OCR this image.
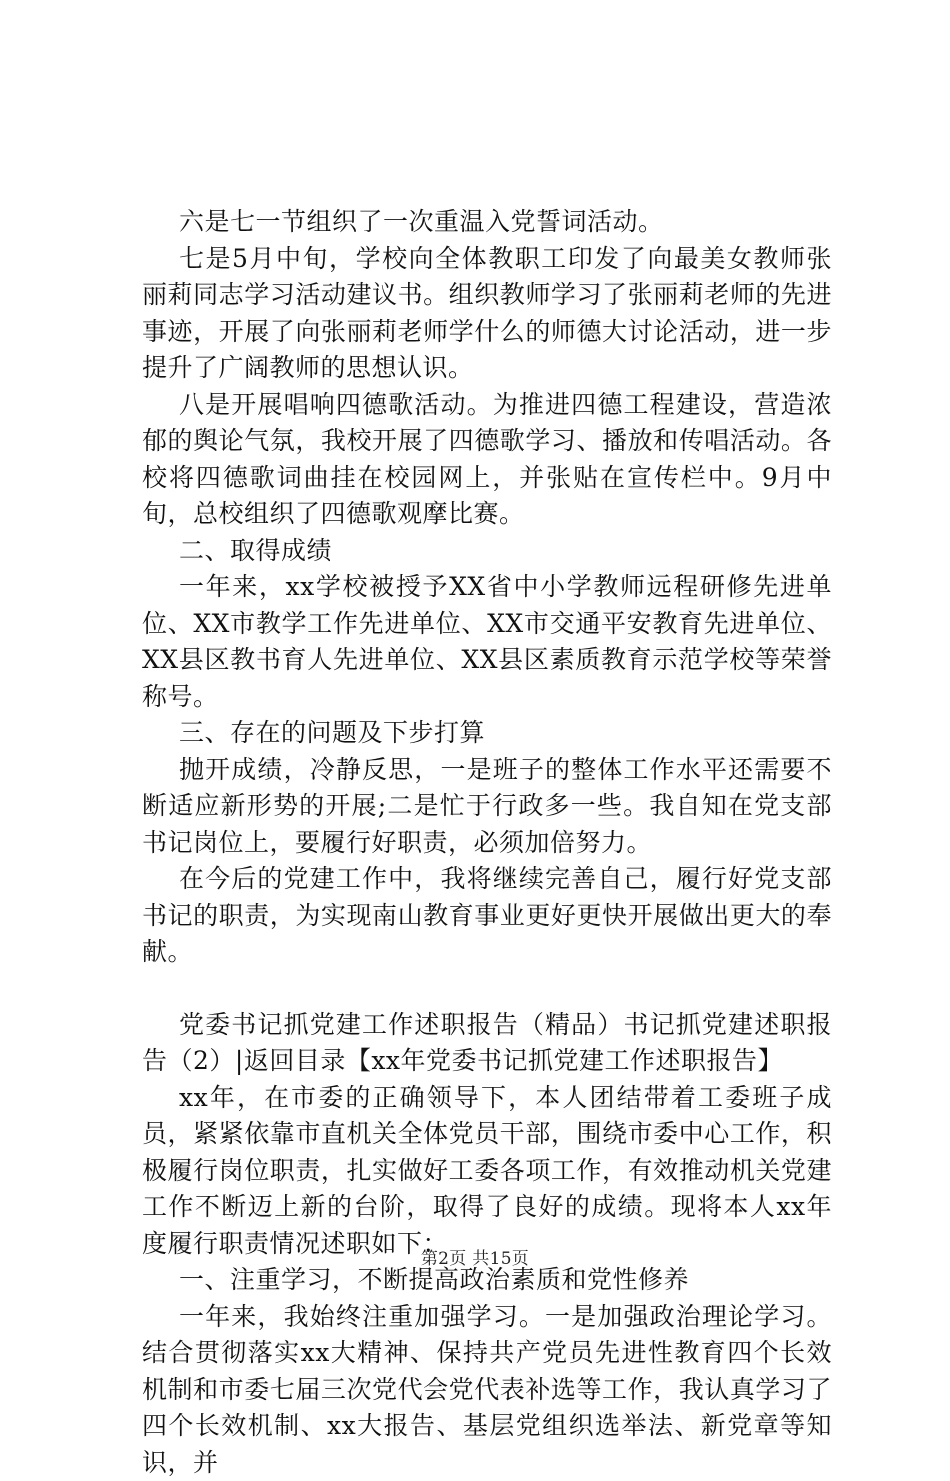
六是七一节组织了一次重温入党誓词活动。

七是5月中旬，学校向全体教职工印发了向最美女教师张丽莉同志学习活动建议书。组织教师学习了张丽莉老师的先进事迹，开展了向张丽莉老师学什么的师德大讨论活动，进一步提升了广阔教师的思想认识。

八是开展唱响四德歌活动。为推进四德工程建设，营造浓郁的舆论气氛，我校开展了四德歌学习、播放和传唱活动。各校将四德歌词曲挂在校园网上，并张贴在宣传栏中。9月中旬，总校组织了四德歌观摩比赛。

二、取得成绩

一年来，xx学校被授予XX省中小学教师远程研修先进单位、XX市教学工作先进单位、XX市交通平安教育先进单位、XX县区教书育人先进单位、XX县区素质教育示范学校等荣誉称号。

三、存在的问题及下步打算

抛开成绩，冷静反思，一是班子的整体工作水平还需要不断适应新形势的开展;二是忙于行政多一些。我自知在党支部书记岗位上，要履行好职责，必须加倍努力。

在今后的党建工作中，我将继续完善自己，履行好党支部书记的职责，为实现南山教育事业更好更快开展做出更大的奉献。

党委书记抓党建工作述职报告（精品）书记抓党建述职报告（2）|返回目录【xx年党委书记抓党建工作述职报告】

xx年，在市委的正确领导下，本人团结带着工委班子成员，紧紧依靠市直机关全体党员干部，围绕市委中心工作，积极履行岗位职责，扎实做好工委各项工作，有效推动机关党建工作不断迈上新的台阶，取得了良好的成绩。现将本人xx年度履行职责情况述职如下：

一、注重学习，不断提高政治素质和党性修养

一年来，我始终注重加强学习。一是加强政治理论学习。结合贯彻落实xx大精神、保持共产党员先进性教育四个长效机制和市委七届三次党代会党代表补选等工作，我认真学习了四个长效机制、xx大报告、基层党组织选举法、新党章等知识，并

第2页 共15页
